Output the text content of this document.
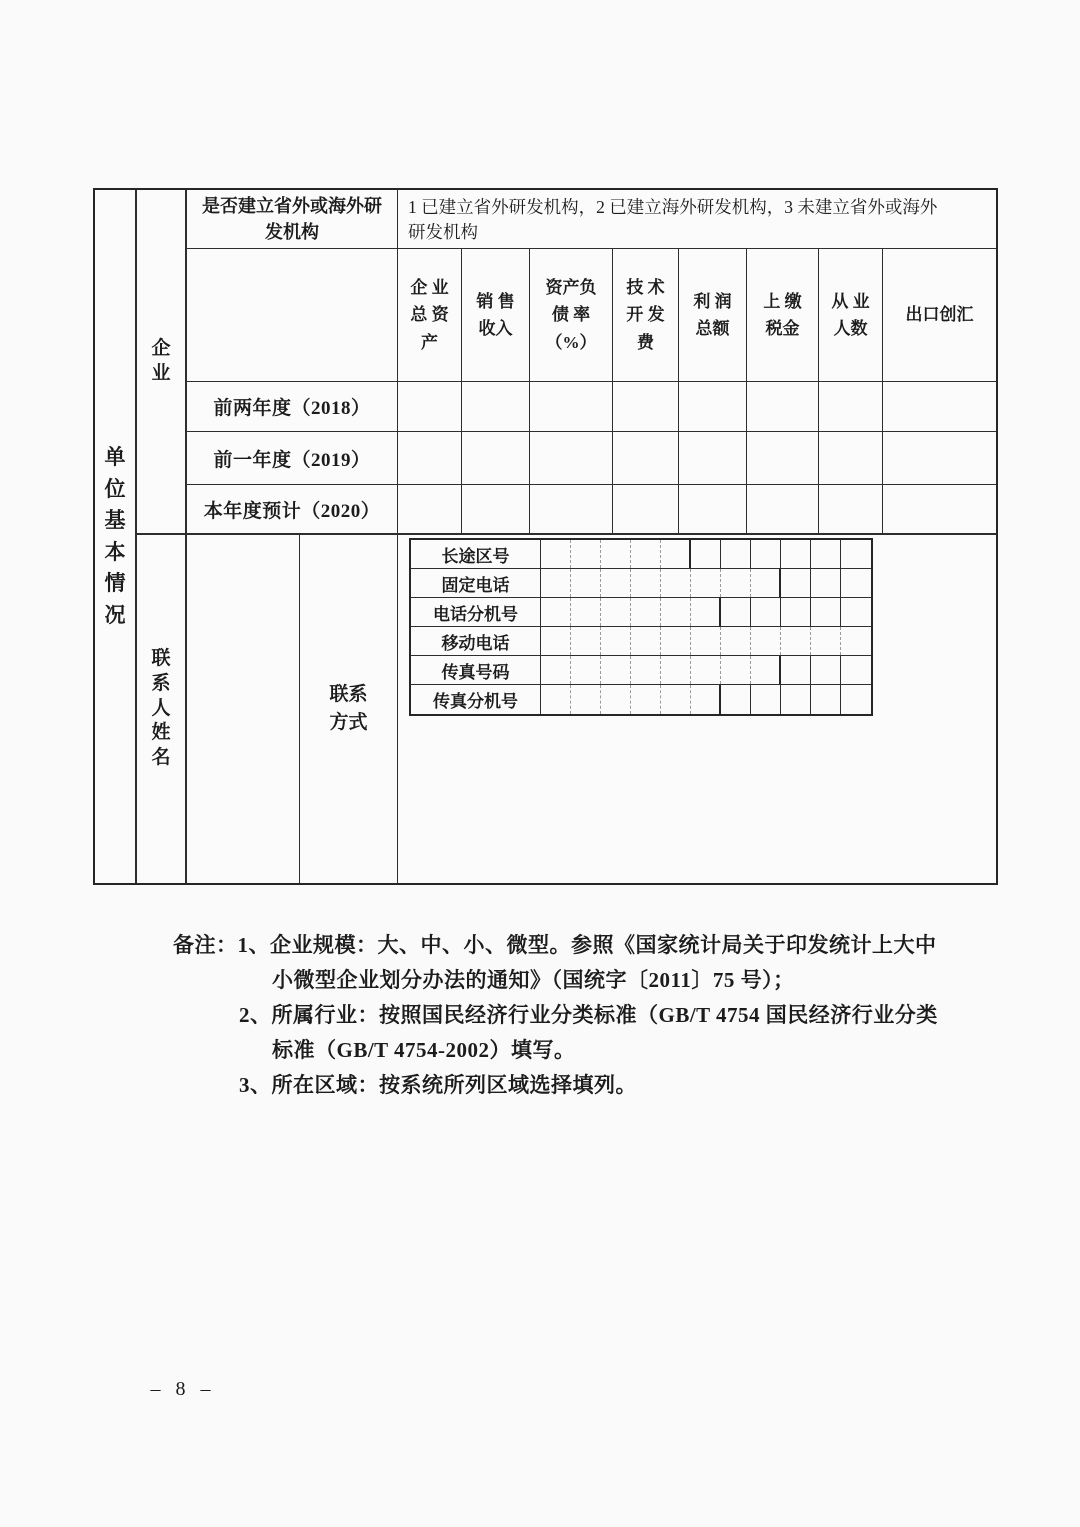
单位基本情况
企业
是否建立省外或海外研
发机构
1 已建立省外研发机构，2 已建立海外研发机构，3 未建立省外或海外
研发机构
企 业
总 资
产
销 售
收入
资产负
债 率
（%）
技 术
开 发
费
利 润
总额
上 缴
税金
从 业
人数
出口创汇
前两年度（2018）
前一年度（2019）
本年度预计（2020）
联系人姓名
联系
方式
长途区号
固定电话
电话分机号
移动电话
传真号码
传真分机号
备注：1、企业规模：大、中、小、微型。参照《国家统计局关于印发统计上大中
小微型企业划分办法的通知》（国统字〔2011〕75 号）；
2、所属行业：按照国民经济行业分类标准（GB/T 4754 国民经济行业分类
标准（GB/T 4754-2002）填写。
3、所在区域：按系统所列区域选择填列。
– 8 –
